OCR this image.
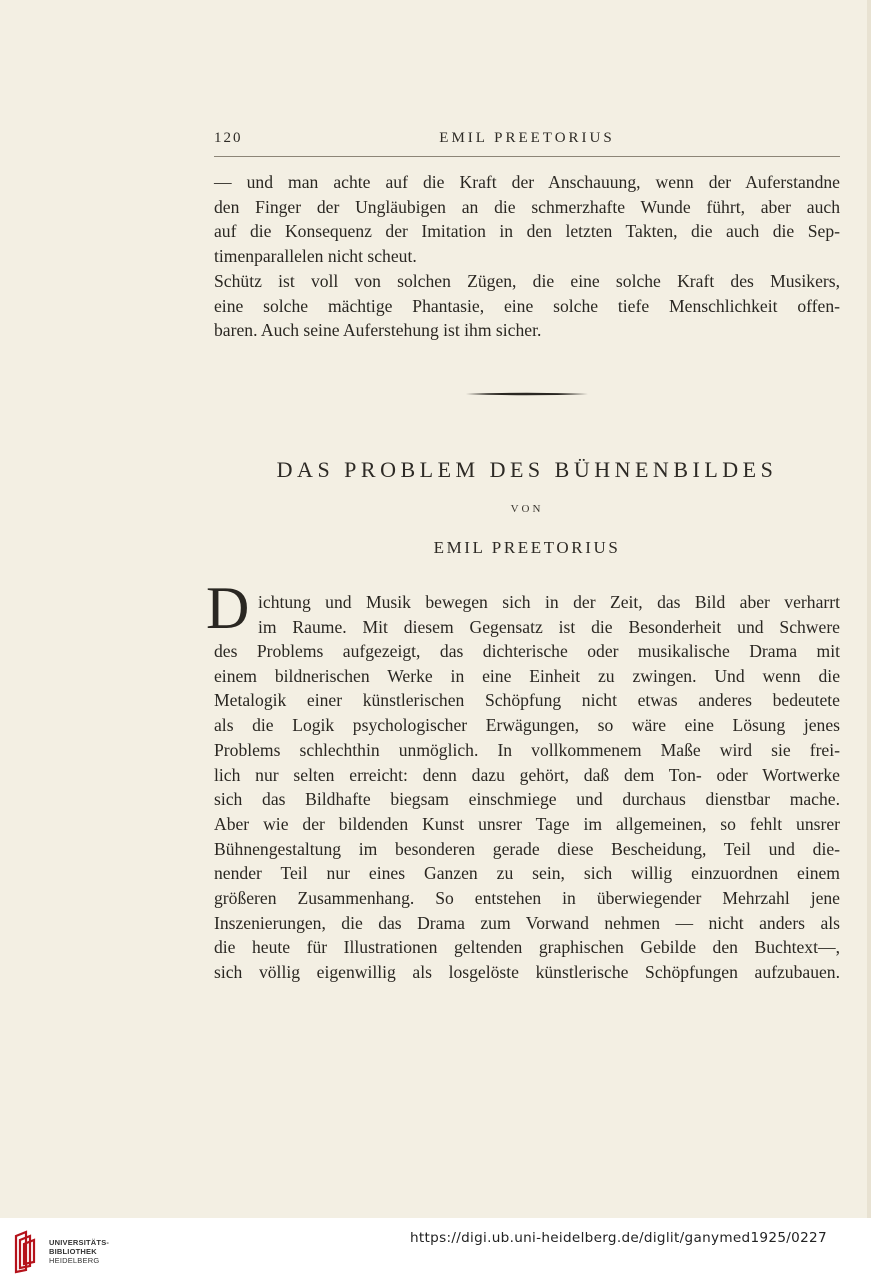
120	EMIL PREETORIUS
— und man achte auf die Kraft der Anschauung, wenn der Auferstandne
den Finger der Ungläubigen an die schmerzhafte Wunde führt, aber auch
auf die Konsequenz der Imitation in den letzten Takten, die auch die Sep-
timenparallelen nicht scheut.
Schütz ist voll von solchen Zügen, die eine solche Kraft des Musikers,
eine solche mächtige Phantasie, eine solche tiefe Menschlichkeit offen-
baren. Auch seine Auferstehung ist ihm sicher.
DAS PROBLEM DES BÜHNENBILDES
VON
EMIL PREETORIUS
D ichtung und Musik bewegen sich in der Zeit, das Bild aber verharrt
im Raume. Mit diesem Gegensatz ist die Besonderheit und Schwere
des Problems aufgezeigt, das dichterische oder musikalische Drama mit
einem bildnerischen Werke in eine Einheit zu zwingen. Und wenn die
Metalogik einer künstlerischen Schöpfung nicht etwas anderes bedeutete
als die Logik psychologischer Erwägungen, so wäre eine Lösung jenes
Problems schlechthin unmöglich. In vollkommenem Maße wird sie frei-
lich nur selten erreicht: denn dazu gehört, daß dem Ton- oder Wortwerke
sich das Bildhafte biegsam einschmiege und durchaus dienstbar mache.
Aber wie der bildenden Kunst unsrer Tage im allgemeinen, so fehlt unsrer
Bühnengestaltung im besonderen gerade diese Bescheidung, Teil und die-
nender Teil nur eines Ganzen zu sein, sich willig einzuordnen einem
größeren Zusammenhang. So entstehen in überwiegender Mehrzahl jene
Inszenierungen, die das Drama zum Vorwand nehmen — nicht anders als
die heute für Illustrationen geltenden graphischen Gebilde den Buchtext—,
sich völlig eigenwillig als losgelöste künstlerische Schöpfungen aufzubauen.
UNIVERSITÄTS-
BIBLIOTHEK
HEIDELBERG
https://digi.ub.uni-heidelberg.de/diglit/ganymed1925/0227
